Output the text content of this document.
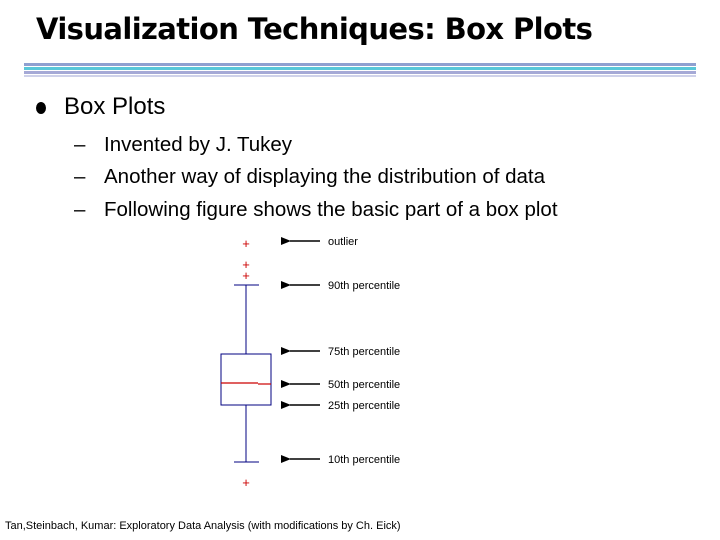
Visualization Techniques: Box Plots
Box Plots
– Invented by J. Tukey
– Another way of displaying the distribution of data
– Following figure shows the basic part of a box plot
+
+
+
+
outlier
90th percentile
75th percentile
50th percentile
25th percentile
10th percentile
Tan,Steinbach, Kumar: Exploratory Data Analysis (with modifications by Ch. Eick)
